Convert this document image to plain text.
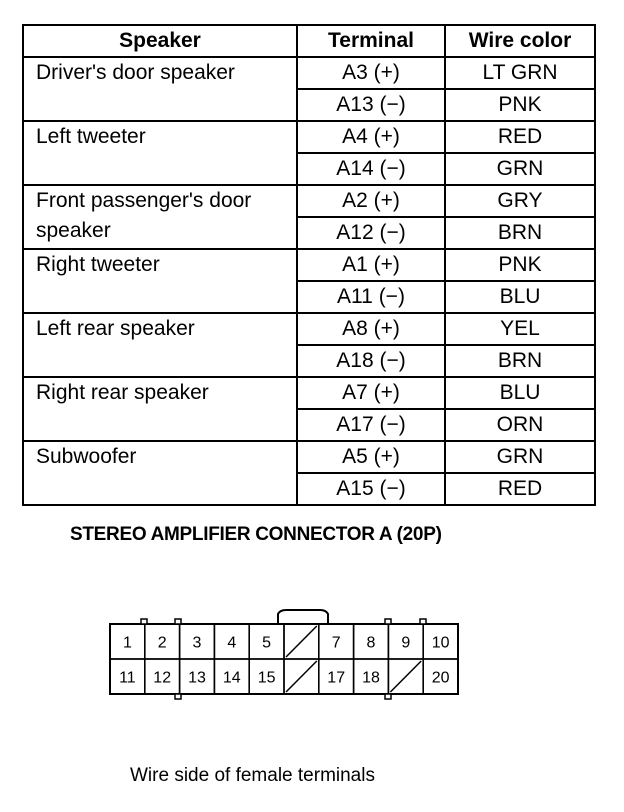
Speaker	Terminal	Wire color
Driver's door speaker	A3 (+)	LT GRN
	A13 (−)	PNK
Left tweeter	A4 (+)	RED
	A14 (−)	GRN
Front passenger's door speaker	A2 (+)	GRY
	A12 (−)	BRN
Right tweeter	A1 (+)	PNK
	A11 (−)	BLU
Left rear speaker	A8 (+)	YEL
	A18 (−)	BRN
Right rear speaker	A7 (+)	BLU
	A17 (−)	ORN
Subwoofer	A5 (+)	GRN
	A15 (−)	RED
STEREO AMPLIFIER CONNECTOR A (20P)
1 2 3 4 5	7 8 9 10
11 12 13 14 15	17 18	20
Wire side of female terminals
